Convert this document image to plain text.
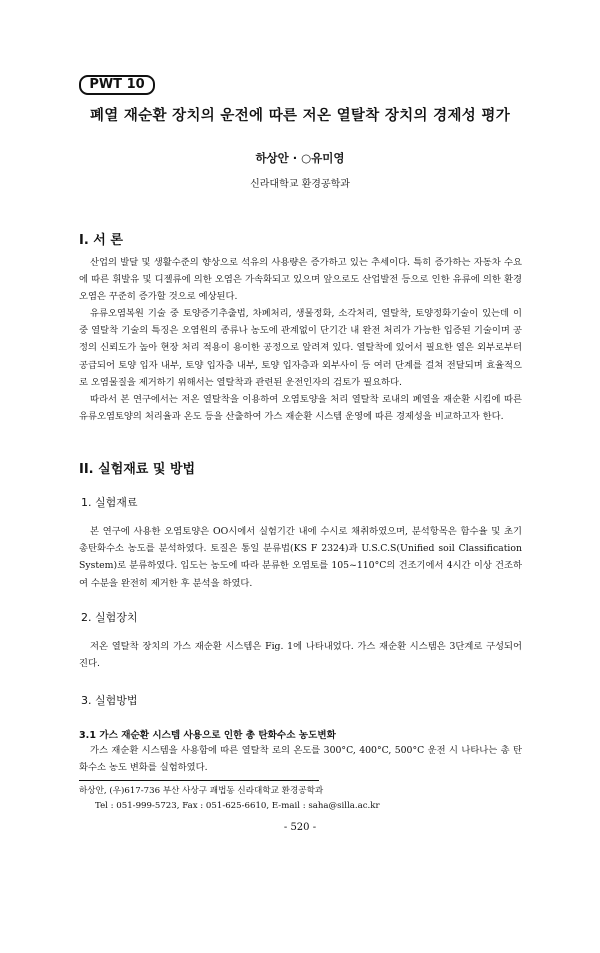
PWT 10
폐열 재순환 장치의 운전에 따른 저온 열탈착 장치의 경제성 평가
하상안 · ○유미영
신라대학교 환경공학과
I. 서 론

산업의 발달 및 생활수준의 향상으로 석유의 사용량은 증가하고 있는 추세이다. 특히 증가하는 자동차 수요에 따른 휘발유 및 디젤류에 의한 오염은 가속화되고 있으며 앞으로도 산업발전 등으로 인한 유류에 의한 환경오염은 꾸준히 증가할 것으로 예상된다.

유류오염복원 기술 중 토양증기추출법, 차폐처리, 생물정화, 소각처리, 열탈착, 토양정화기술이 있는데 이 중 열탈착 기술의 특징은 오염원의 종류나 농도에 관계없이 단기간 내 완전 처리가 가능한 입증된 기술이며 공정의 신뢰도가 높아 현장 처리 적용이 용이한 공정으로 알려져 있다. 열탈착에 있어서 필요한 열은 외부로부터 공급되어 토양 입자 내부, 토양 입자층 내부, 토양 입자층과 외부사이 등 여러 단계를 걸쳐 전달되며 효율적으로 오염물질을 제거하기 위해서는 열탈착과 관련된 운전인자의 검토가 필요하다.

따라서 본 연구에서는 저온 열탈착을 이용하여 오염토양을 처리 열탈착 로내의 폐열을 재순환 시킴에 따른 유류오염토양의 처리율과 온도 등을 산출하여 가스 재순환 시스템 운영에 따른 경제성을 비교하고자 한다.

II. 실험재료 및 방법
1. 실험재료

본 연구에 사용한 오염토양은 OO시에서 실험기간 내에 수시로 채취하였으며, 분석항목은 함수율 및 초기 총탄화수소 농도를 분석하였다. 토질은 통일 분류법(KS F 2324)과 U.S.C.S(Unified soil Classification System)로 분류하였다. 입도는 농도에 따라 분류한 오염토를 105~110°C의 건조기에서 4시간 이상 건조하여 수분을 완전히 제거한 후 분석을 하였다.

2. 실험장치

저온 열탈착 장치의 가스 재순환 시스템은 Fig. 1에 나타내었다. 가스 재순환 시스템은 3단계로 구성되어 진다.

3. 실험방법
3.1 가스 재순환 시스템 사용으로 인한 총 탄화수소 농도변화

가스 재순환 시스템을 사용함에 따른 열탈착 로의 온도를 300°C, 400°C, 500°C 운전 시 나타나는 총 탄화수소 농도 변화를 실험하였다.

하상안, (우)617-736 부산 사상구 괘법동 신라대학교 환경공학과
Tel : 051-999-5723, Fax : 051-625-6610, E-mail : saha@silla.ac.kr
- 520 -
